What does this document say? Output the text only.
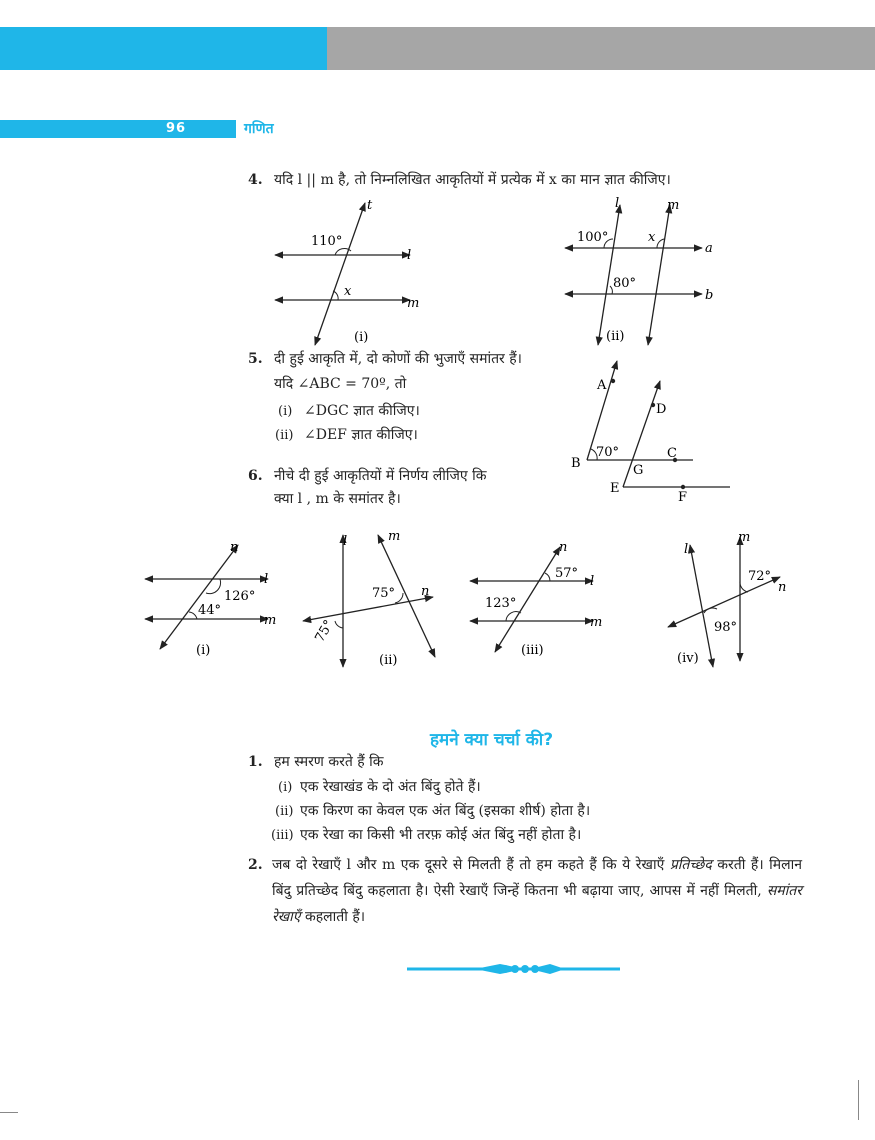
96	गणित
4. यदि l || m है, तो निम्नलिखित आकृतियों में प्रत्येक में x का मान ज्ञात कीजिए।
110°
t
l
m
x
(i)
100°
80°
x
l	m
a
b
(ii)
5. दी हुई आकृति में, दो कोणों की भुजाएँ समांतर हैं।
यदि ∠ABC = 70º, तो
(i) ∠DGC ज्ञात कीजिए।
(ii) ∠DEF ज्ञात कीजिए।
A
B
C
D
E
F
G
70°
6. नीचे दी हुई आकृतियों में निर्णय लीजिए कि
क्या l , m के समांतर है।
126°
44°
n
l
m
(i)
75°
75°
n
l	m
(ii)
57°
123°
n
l
m
(iii)
72°
98°
n
l
m
(iv)
हमने क्या चर्चा की?
1. हम स्मरण करते हैं कि
(i) एक रेखाखंड के दो अंत बिंदु होते हैं।
(ii) एक किरण का केवल एक अंत बिंदु (इसका शीर्ष) होता है।
(iii) एक रेखा का किसी भी तरफ़ कोई अंत बिंदु नहीं होता है।
2. जब दो रेखाएँ l और m एक दूसरे से मिलती हैं तो हम कहते हैं कि ये रेखाएँ प्रतिच्छेद करती हैं। मिलान बिंदु प्रतिच्छेद बिंदु कहलाता है। ऐसी रेखाएँ जिन्हें कितना भी बढ़ाया जाए, आपस में नहीं मिलती, समांतर रेखाएँ कहलाती हैं।
